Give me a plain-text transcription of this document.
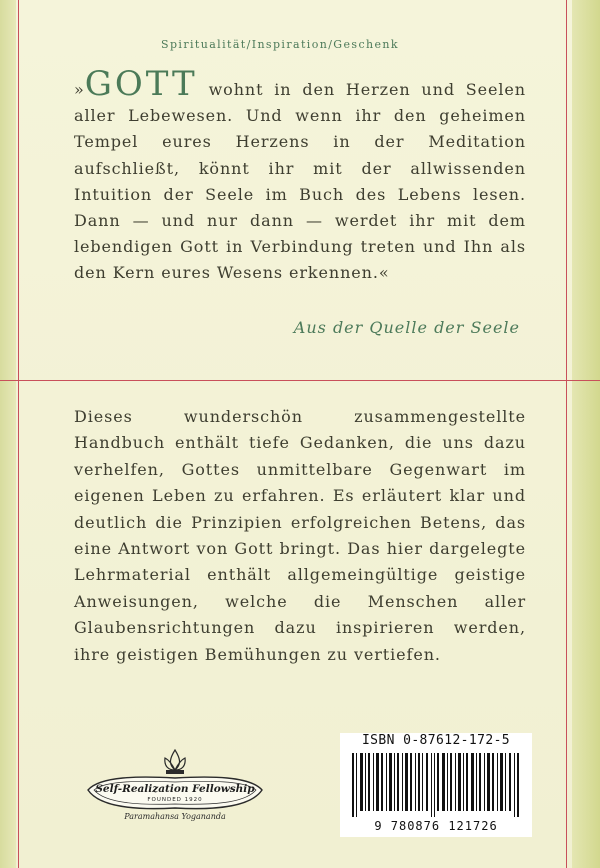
Spiritualität/Inspiration/Geschenk
»GOTT wohnt in den Herzen und Seelen aller Lebewesen. Und wenn ihr den geheimen Tempel eures Herzens in der Meditation aufschließt, könnt ihr mit der allwissenden Intuition der Seele im Buch des Lebens lesen. Dann — und nur dann — werdet ihr mit dem lebendigen Gott in Verbindung treten und Ihn als den Kern eures Wesens erkennen.«
Aus der Quelle der Seele
Dieses wunderschön zusammengestellte Handbuch enthält tiefe Gedanken, die uns dazu verhelfen, Gottes unmittelbare Gegenwart im eigenen Leben zu erfahren. Es erläutert klar und deutlich die Prinzipien erfolgreichen Betens, das eine Antwort von Gott bringt. Das hier dargelegte Lehrmaterial enthält allgemeingültige geistige Anweisungen, welche die Menschen aller Glaubensrichtungen dazu inspirieren werden, ihre geistigen Bemühungen zu vertiefen.
Self-Realization Fellowship
FOUNDED 1920
Paramahansa Yogananda
ISBN 0-87612-172-5
9 780876 121726
